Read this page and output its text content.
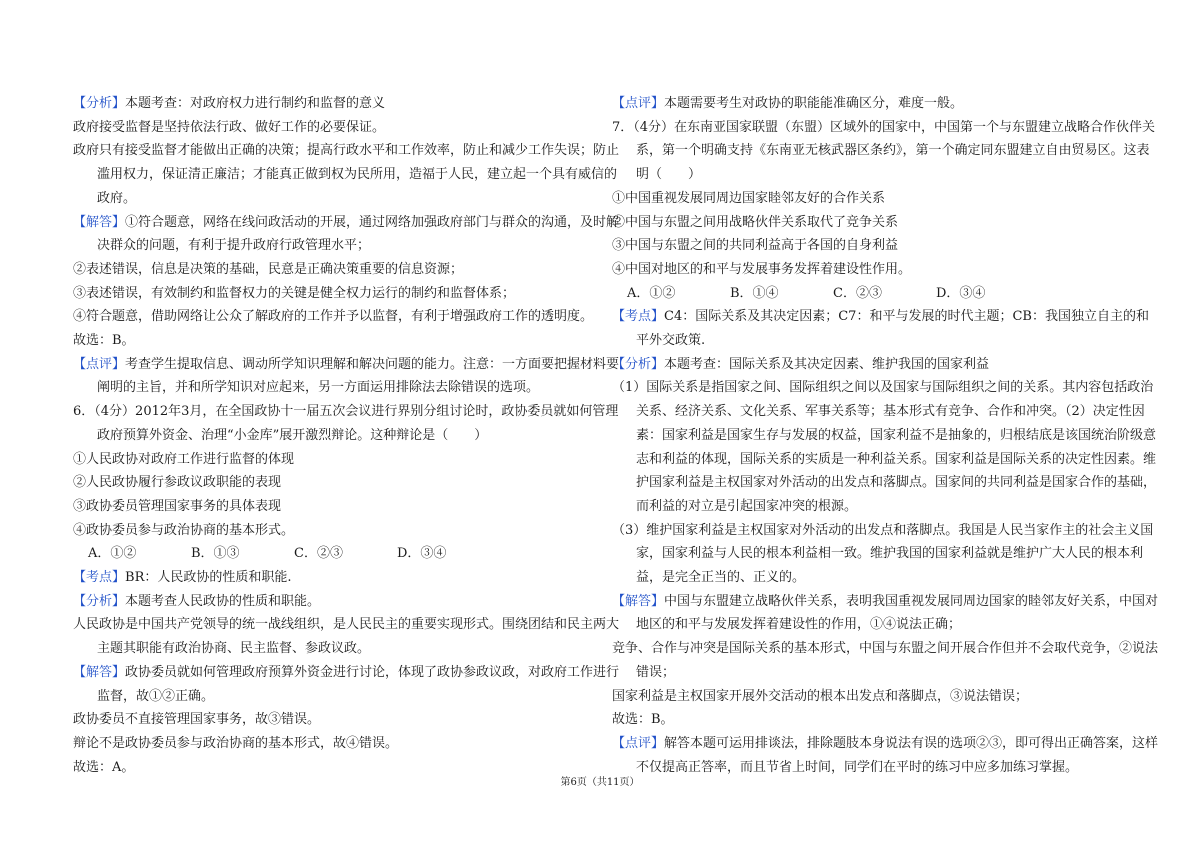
【分析】本题考查：对政府权力进行制约和监督的意义

政府接受监督是坚持依法行政、做好工作的必要保证。

政府只有接受监督才能做出正确的决策；提高行政水平和工作效率，防止和减少工作失误；防止滥用权力，保证清正廉洁；才能真正做到权为民所用，造福于人民，建立起一个具有威信的政府。

【解答】①符合题意，网络在线问政活动的开展，通过网络加强政府部门与群众的沟通，及时解决群众的问题，有利于提升政府行政管理水平；

②表述错误，信息是决策的基础，民意是正确决策重要的信息资源；

③表述错误，有效制约和监督权力的关键是健全权力运行的制约和监督体系；

④符合题意，借助网络让公众了解政府的工作并予以监督，有利于增强政府工作的透明度。

故选：B。

【点评】考查学生提取信息、调动所学知识理解和解决问题的能力。注意：一方面要把握材料要阐明的主旨，并和所学知识对应起来，另一方面运用排除法去除错误的选项。

6．（4分）2012年3月，在全国政协十一届五次会议进行界别分组讨论时，政协委员就如何管理政府预算外资金、治理“小金库”展开激烈辩论。这种辩论是（　　）

①人民政协对政府工作进行监督的体现

②人民政协履行参政议政职能的表现

③政协委员管理国家事务的具体表现

④政协委员参与政治协商的基本形式。

A．①②	B．①③	C．②③	D．③④

【考点】BR：人民政协的性质和职能.

【分析】本题考查人民政协的性质和职能。

人民政协是中国共产党领导的统一战线组织，是人民民主的重要实现形式。围绕团结和民主两大主题其职能有政治协商、民主监督、参政议政。

【解答】政协委员就如何管理政府预算外资金进行讨论，体现了政协参政议政，对政府工作进行监督，故①②正确。

政协委员不直接管理国家事务，故③错误。

辩论不是政协委员参与政治协商的基本形式，故④错误。

故选：A。

【点评】本题需要考生对政协的职能能准确区分，难度一般。

7．（4分）在东南亚国家联盟（东盟）区域外的国家中，中国第一个与东盟建立战略合作伙伴关系，第一个明确支持《东南亚无核武器区条约》，第一个确定同东盟建立自由贸易区。这表明（　　）

①中国重视发展同周边国家睦邻友好的合作关系

②中国与东盟之间用战略伙伴关系取代了竞争关系

③中国与东盟之间的共同利益高于各国的自身利益

④中国对地区的和平与发展事务发挥着建设性作用。

A．①②	B．①④	C．②③	D．③④

【考点】C4：国际关系及其决定因素；C7：和平与发展的时代主题；CB：我国独立自主的和平外交政策.

【分析】本题考查：国际关系及其决定因素、维护我国的国家利益

（1）国际关系是指国家之间、国际组织之间以及国家与国际组织之间的关系。其内容包括政治关系、经济关系、文化关系、军事关系等；基本形式有竞争、合作和冲突。（2）决定性因素：国家利益是国家生存与发展的权益，国家利益不是抽象的，归根结底是该国统治阶级意志和利益的体现，国际关系的实质是一种利益关系。国家利益是国际关系的决定性因素。维护国家利益是主权国家对外活动的出发点和落脚点。国家间的共同利益是国家合作的基础，而利益的对立是引起国家冲突的根源。

（3）维护国家利益是主权国家对外活动的出发点和落脚点。我国是人民当家作主的社会主义国家，国家利益与人民的根本利益相一致。维护我国的国家利益就是维护广大人民的根本利益，是完全正当的、正义的。

【解答】中国与东盟建立战略伙伴关系，表明我国重视发展同周边国家的睦邻友好关系，中国对地区的和平与发展发挥着建设性的作用，①④说法正确；

竞争、合作与冲突是国际关系的基本形式，中国与东盟之间开展合作但并不会取代竞争，②说法错误；

国家利益是主权国家开展外交活动的根本出发点和落脚点，③说法错误；

故选：B。

【点评】解答本题可运用排谈法，排除题肢本身说法有误的选项②③，即可得出正确答案，这样不仅提高正答率，而且节省上时间，同学们在平时的练习中应多加练习掌握。

第6页（共11页）
